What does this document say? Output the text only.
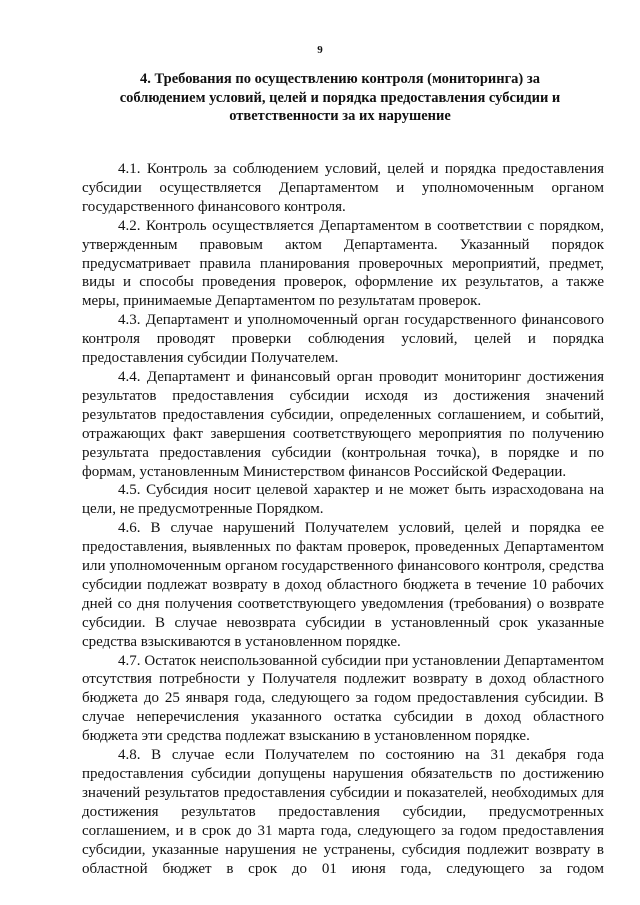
9
4. Требования по осуществлению контроля (мониторинга) за соблюдением условий, целей и порядка предоставления субсидии и ответственности за их нарушение

4.1. Контроль за соблюдением условий, целей и порядка предоставления субсидии осуществляется Департаментом и уполномоченным органом государственного финансового контроля.

4.2. Контроль осуществляется Департаментом в соответствии с порядком, утвержденным правовым актом Департамента. Указанный порядок предусматривает правила планирования проверочных мероприятий, предмет, виды и способы проведения проверок, оформление их результатов, а также меры, принимаемые Департаментом по результатам проверок.

4.3. Департамент и уполномоченный орган государственного финансового контроля проводят проверки соблюдения условий, целей и порядка предоставления субсидии Получателем.

4.4. Департамент и финансовый орган проводит мониторинг достижения результатов предоставления субсидии исходя из достижения значений результатов предоставления субсидии, определенных соглашением, и событий, отражающих факт завершения соответствующего мероприятия по получению результата предоставления субсидии (контрольная точка), в порядке и по формам, установленным Министерством финансов Российской Федерации.

4.5. Субсидия носит целевой характер и не может быть израсходована на цели, не предусмотренные Порядком.

4.6. В случае нарушений Получателем условий, целей и порядка ее предоставления, выявленных по фактам проверок, проведенных Департаментом или уполномоченным органом государственного финансового контроля, средства субсидии подлежат возврату в доход областного бюджета в течение 10 рабочих дней со дня получения соответствующего уведомления (требования) о возврате субсидии. В случае невозврата субсидии в установленный срок указанные средства взыскиваются в установленном порядке.

4.7. Остаток неиспользованной субсидии при установлении Департаментом отсутствия потребности у Получателя подлежит возврату в доход областного бюджета до 25 января года, следующего за годом предоставления субсидии. В случае неперечисления указанного остатка субсидии в доход областного бюджета эти средства подлежат взысканию в установленном порядке.

4.8. В случае если Получателем по состоянию на 31 декабря года предоставления субсидии допущены нарушения обязательств по достижению значений результатов предоставления субсидии и показателей, необходимых для достижения результатов предоставления субсидии, предусмотренных соглашением, и в срок до 31 марта года, следующего за годом предоставления субсидии, указанные нарушения не устранены, субсидия подлежит возврату в областной бюджет в срок до 01 июня года, следующего за годом
